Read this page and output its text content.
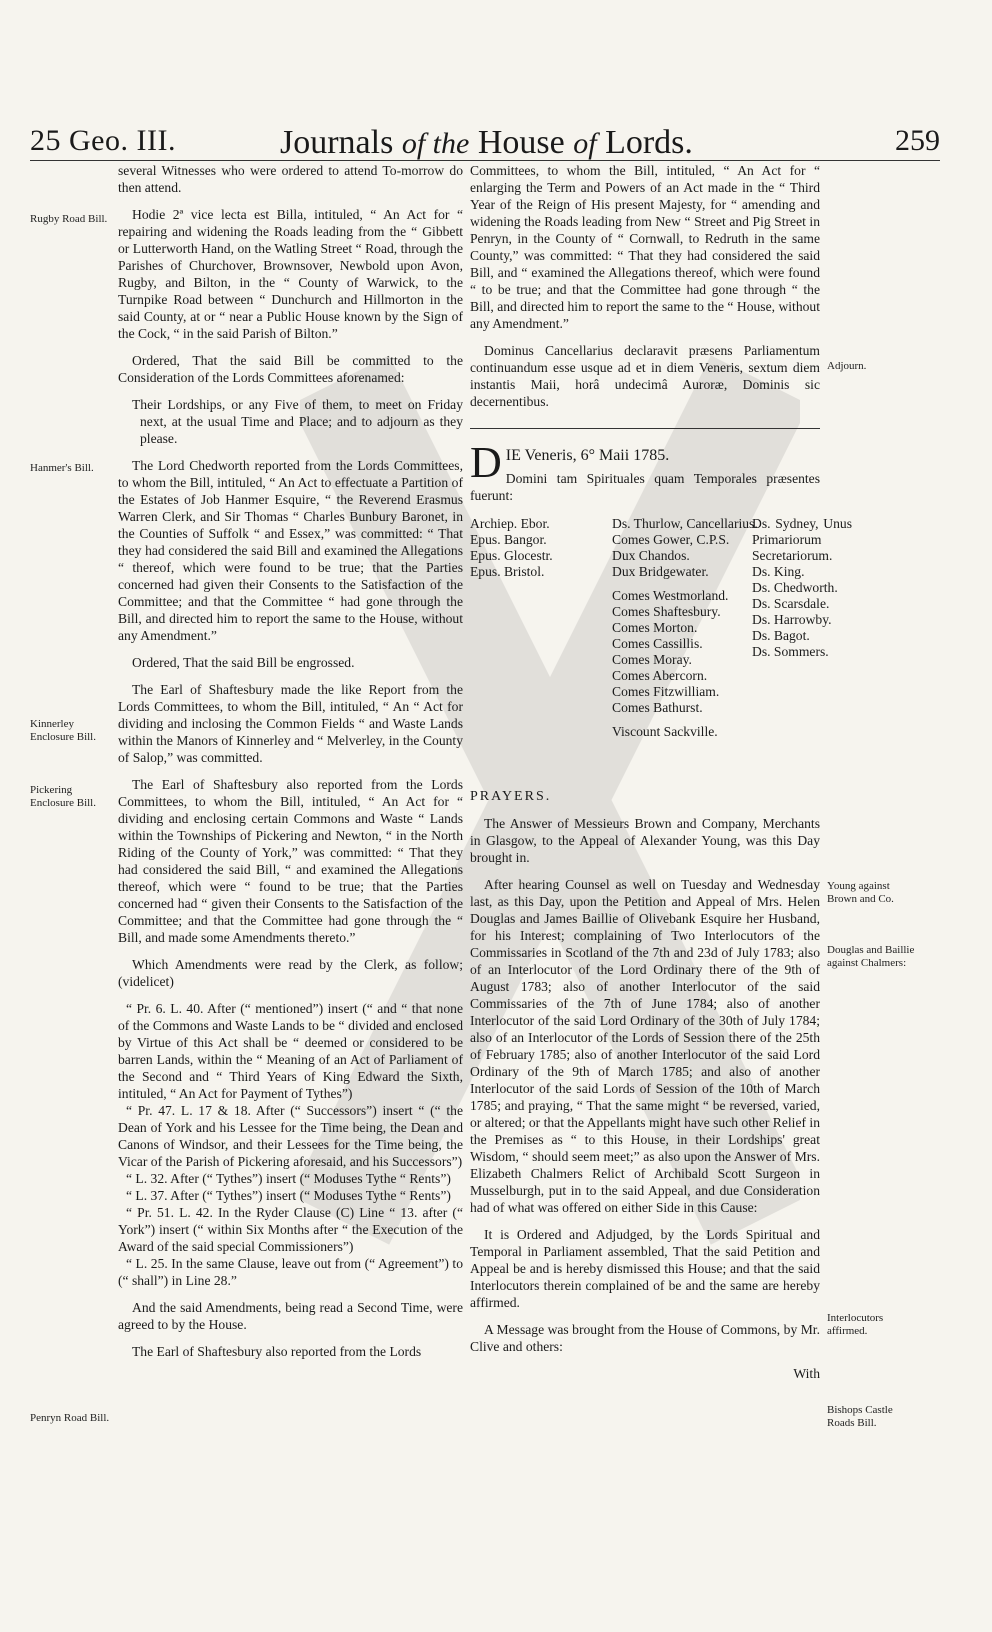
25 Geo. III.	Journals of the House of Lords.	259
Rugby Road Bill.
Hanmer's Bill.
Kinnerley Enclosure Bill.
Pickering Enclosure Bill.
Penryn Road Bill.
Adjourn.
Young against Brown and Co.
Douglas and Baillie against Chalmers:
Interlocutors affirmed.
Bishops Castle Roads Bill.

several Witnesses who were ordered to attend To-morrow do then attend.

Hodie 2ª vice lecta est Billa, intituled, “ An Act for “ repairing and widening the Roads leading from the “ Gibbett or Lutterworth Hand, on the Watling Street “ Road, through the Parishes of Churchover, Brownsover, Newbold upon Avon, Rugby, and Bilton, in the “ County of Warwick, to the Turnpike Road between “ Dunchurch and Hillmorton in the said County, at or “ near a Public House known by the Sign of the Cock, “ in the said Parish of Bilton.”

Ordered, That the said Bill be committed to the Consideration of the Lords Committees aforenamed:

Their Lordships, or any Five of them, to meet on Friday next, at the usual Time and Place; and to adjourn as they please.

The Lord Chedworth reported from the Lords Committees, to whom the Bill, intituled, “ An Act to effectuate a Partition of the Estates of Job Hanmer Esquire, “ the Reverend Erasmus Warren Clerk, and Sir Thomas “ Charles Bunbury Baronet, in the Counties of Suffolk “ and Essex,” was committed: “ That they had considered the said Bill and examined the Allegations “ thereof, which were found to be true; that the Parties concerned had given their Consents to the Satisfaction of the Committee; and that the Committee “ had gone through the Bill, and directed him to report the same to the House, without any Amendment.”

Ordered, That the said Bill be engrossed.

The Earl of Shaftesbury made the like Report from the Lords Committees, to whom the Bill, intituled, “ An “ Act for dividing and inclosing the Common Fields “ and Waste Lands within the Manors of Kinnerley and “ Melverley, in the County of Salop,” was committed.

The Earl of Shaftesbury also reported from the Lords Committees, to whom the Bill, intituled, “ An Act for “ dividing and enclosing certain Commons and Waste “ Lands within the Townships of Pickering and Newton, “ in the North Riding of the County of York,” was committed: “ That they had considered the said Bill, “ and examined the Allegations thereof, which were “ found to be true; that the Parties concerned had “ given their Consents to the Satisfaction of the Committee; and that the Committee had gone through the “ Bill, and made some Amendments thereto.”

Which Amendments were read by the Clerk, as follow; (videlicet)

“ Pr. 6. L. 40. After (“ mentioned”) insert (“ and “ that none of the Commons and Waste Lands to be “ divided and enclosed by Virtue of this Act shall be “ deemed or considered to be barren Lands, within the “ Meaning of an Act of Parliament of the Second and “ Third Years of King Edward the Sixth, intituled, “ An Act for Payment of Tythes”)

“ Pr. 47. L. 17 & 18. After (“ Successors”) insert “ (“ the Dean of York and his Lessee for the Time being, the Dean and Canons of Windsor, and their Lessees for the Time being, the Vicar of the Parish of Pickering aforesaid, and his Successors”)

“ L. 32. After (“ Tythes”) insert (“ Moduses Tythe “ Rents”)

“ L. 37. After (“ Tythes”) insert (“ Moduses Tythe “ Rents”)

“ Pr. 51. L. 42. In the Ryder Clause (C) Line “ 13. after (“ York”) insert (“ within Six Months after “ the Execution of the Award of the said special Commissioners”)

“ L. 25. In the same Clause, leave out from (“ Agreement”) to (“ shall”) in Line 28.”

And the said Amendments, being read a Second Time, were agreed to by the House.

The Earl of Shaftesbury also reported from the Lords

Committees, to whom the Bill, intituled, “ An Act for “ enlarging the Term and Powers of an Act made in the “ Third Year of the Reign of His present Majesty, for “ amending and widening the Roads leading from New “ Street and Pig Street in Penryn, in the County of “ Cornwall, to Redruth in the same County,” was committed: “ That they had considered the said Bill, and “ examined the Allegations thereof, which were found “ to be true; and that the Committee had gone through “ the Bill, and directed him to report the same to the “ House, without any Amendment.”

Dominus Cancellarius declaravit præsens Parliamentum continuandum esse usque ad et in diem Veneris, sextum diem instantis Maii, horâ undecimâ Auroræ, Dominis sic decernentibus.

D IE Veneris, 6° Maii 1785.

Domini tam Spirituales quam Temporales præsentes fuerunt:

Archiep. Ebor.
Epus. Bangor.
Epus. Glocestr.
Epus. Bristol.
Ds. Thurlow, Cancellarius.
Comes Gower, C.P.S.
Dux Chandos.
Dux Bridgewater.
Comes Westmorland.
Comes Shaftesbury.
Comes Morton.
Comes Cassillis.
Comes Moray.
Comes Abercorn.
Comes Fitzwilliam.
Comes Bathurst.
Viscount Sackville.
Ds. Sydney, Unus Primariorum Secretariorum.
Ds. King.
Ds. Chedworth.
Ds. Scarsdale.
Ds. Harrowby.
Ds. Bagot.
Ds. Sommers.

PRAYERS.

The Answer of Messieurs Brown and Company, Merchants in Glasgow, to the Appeal of Alexander Young, was this Day brought in.

After hearing Counsel as well on Tuesday and Wednesday last, as this Day, upon the Petition and Appeal of Mrs. Helen Douglas and James Baillie of Olivebank Esquire her Husband, for his Interest; complaining of Two Interlocutors of the Commissaries in Scotland of the 7th and 23d of July 1783; also of an Interlocutor of the Lord Ordinary there of the 9th of August 1783; also of another Interlocutor of the said Commissaries of the 7th of June 1784; also of another Interlocutor of the said Lord Ordinary of the 30th of July 1784; also of an Interlocutor of the Lords of Session there of the 25th of February 1785; also of another Interlocutor of the said Lord Ordinary of the 9th of March 1785; and also of another Interlocutor of the said Lords of Session of the 10th of March 1785; and praying, “ That the same might “ be reversed, varied, or altered; or that the Appellants might have such other Relief in the Premises as “ to this House, in their Lordships' great Wisdom, “ should seem meet;” as also upon the Answer of Mrs. Elizabeth Chalmers Relict of Archibald Scott Surgeon in Musselburgh, put in to the said Appeal, and due Consideration had of what was offered on either Side in this Cause:

It is Ordered and Adjudged, by the Lords Spiritual and Temporal in Parliament assembled, That the said Petition and Appeal be and is hereby dismissed this House; and that the said Interlocutors therein complained of be and the same are hereby affirmed.

A Message was brought from the House of Commons, by Mr. Clive and others:

With
